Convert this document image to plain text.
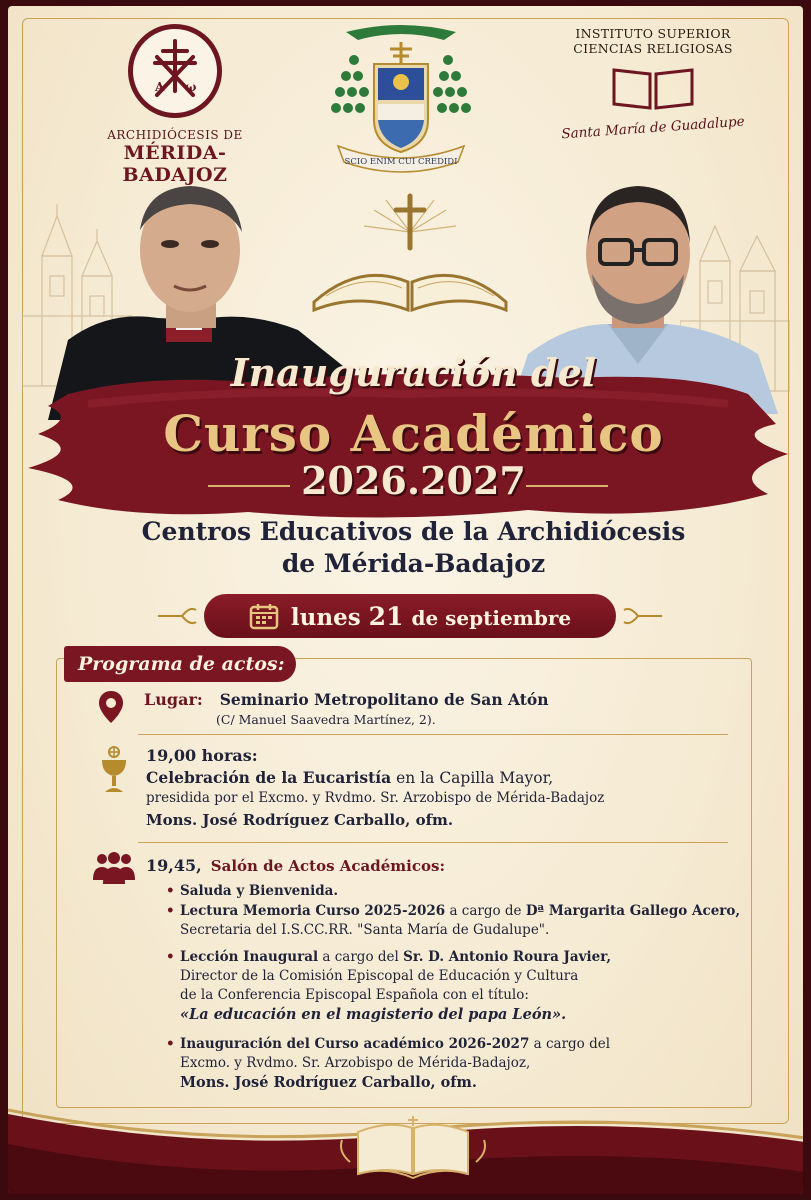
A ω
ARCHIDIÓCESIS DE
MÉRIDA-BADAJOZ
SCIO ENIM CUI CREDIDI
INSTITUTO SUPERIOR
CIENCIAS RELIGIOSAS
Santa María de Guadalupe
Inauguración del
Curso Académico
2026.2027
Centros Educativos de la Archidiócesis
de Mérida-Badajoz
lunes 21 de septiembre
Programa de actos:
Lugar: Seminario Metropolitano de San Atón
(C/ Manuel Saavedra Martínez, 2).
19,00 horas:
Celebración de la Eucaristía en la Capilla Mayor,
presidida por el Excmo. y Rvdmo. Sr. Arzobispo de Mérida-Badajoz
Mons. José Rodríguez Carballo, ofm.
19,45, Salón de Actos Académicos:
• Saluda y Bienvenida.
• Lectura Memoria Curso 2025-2026 a cargo de Dª Margarita Gallego Acero,
Secretaria del I.S.CC.RR. "Santa María de Gudalupe".
• Lección Inaugural a cargo del Sr. D. Antonio Roura Javier,
Director de la Comisión Episcopal de Educación y Cultura
de la Conferencia Episcopal Española con el título:
«La educación en el magisterio del papa León».
• Inauguración del Curso académico 2026-2027 a cargo del
Excmo. y Rvdmo. Sr. Arzobispo de Mérida-Badajoz,
Mons. José Rodríguez Carballo, ofm.
